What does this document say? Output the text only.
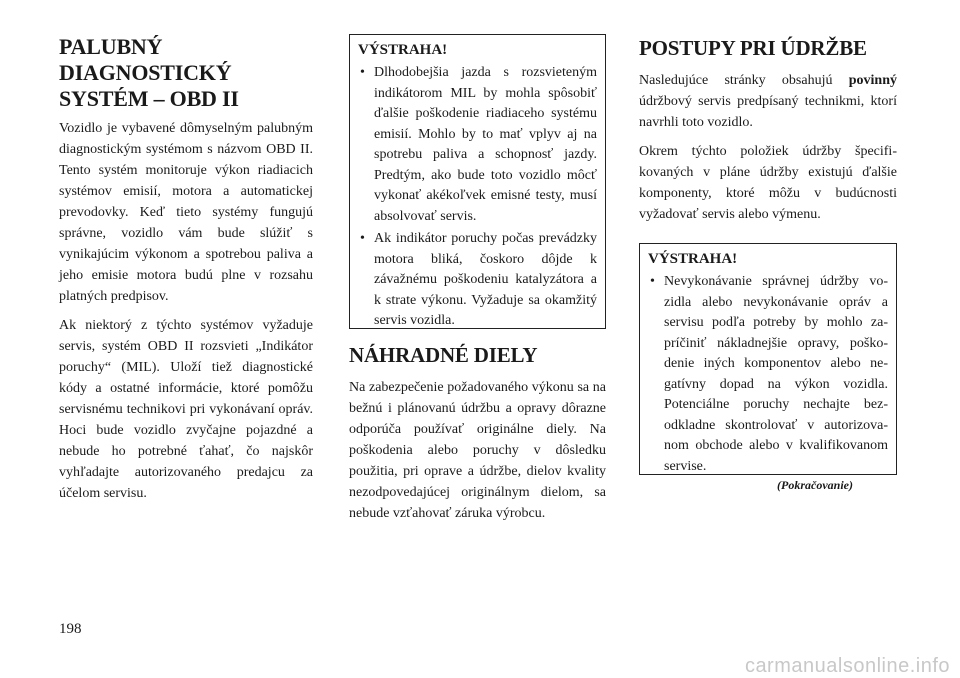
PALUBNÝ DIAGNOSTICKÝ SYSTÉM – OBD II

Vozidlo je vybavené dômyselným palubným diagnostickým systémom s názvom OBD II. Tento systém monitoruje výkon riadiacich systémov emisií, motora a automatickej prevodovky. Keď tieto systémy fungujú správne, vozidlo vám bude slúžiť s vynikajúcim výkonom a spotrebou paliva a jeho emisie motora budú plne v rozsahu platných predpisov.

Ak niektorý z týchto systémov vyžaduje servis, systém OBD II rozsvieti „Indikátor poruchy“ (MIL). Uloží tiež diagnostické kódy a ostatné informácie, ktoré pomôžu servisnému technikovi pri vykonávaní opráv. Hoci bude vozidlo zvyčajne pojazdné a nebude ho potrebné ťahať, čo najskôr vyhľadajte autorizovaného predajcu za účelom servisu.

VÝSTRAHA!
• Dlhodobejšia jazda s rozsvieteným indikátorom MIL by mohla spôsobiť ďalšie poškodenie riadiaceho systému emisií. Mohlo by to mať vplyv aj na spotrebu paliva a schopnosť jazdy. Predtým, ako bude toto vozidlo môcť vykonať akékoľvek emisné testy, musí absolvovať servis.
• Ak indikátor poruchy počas prevádzky motora bliká, čoskoro dôjde k závažnému poškodeniu katalyzátora a k strate výkonu. Vyžaduje sa okamžitý servis vozidla.
NÁHRADNÉ DIELY

Na zabezpečenie požadovaného výkonu sa na bežnú i plánovanú údržbu a opravy dôrazne odporúča používať originálne diely. Na poškodenia alebo poruchy v dôsledku použitia, pri oprave a údržbe, dielov kvality nezodpovedajúcej originálnym dielom, sa nebude vzťahovať záruka výrobcu.

POSTUPY PRI ÚDRŽBE

Nasledujúce stránky obsahujú povinný údržbový servis predpísaný technikmi, ktorí navrhli toto vozidlo.

Okrem týchto položiek údržby špecifikovaných v pláne údržby existujú ďalšie komponenty, ktoré môžu v budúcnosti vyžadovať servis alebo výmenu.

VÝSTRAHA!
• Nevykonávanie správnej údržby vozidla alebo nevykonávanie opráv a servisu podľa potreby by mohlo zapríčiniť nákladnejšie opravy, poškodenie iných komponentov alebo negatívny dopad na výkon vozidla. Potenciálne poruchy nechajte bezodkladne skontrolovať v autorizovanom obchode alebo v kvalifikovanom servise.
(Pokračovanie)
198
carmanualsonline.info
